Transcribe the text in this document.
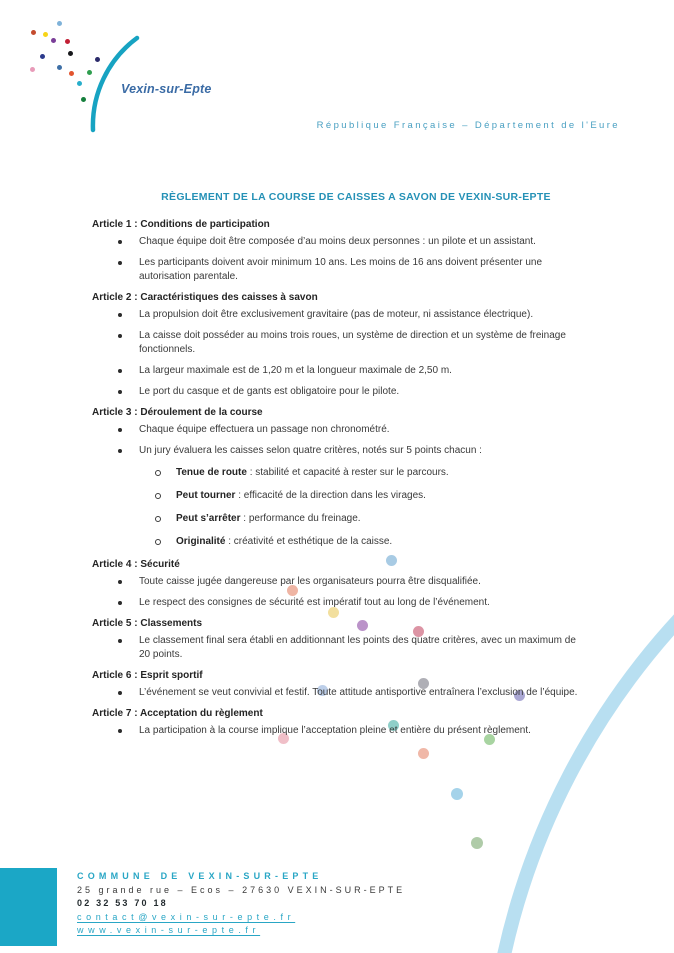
Vexin-sur-Epte
République Française – Département de l'Eure
RÈGLEMENT DE LA COURSE DE CAISSES A SAVON DE VEXIN-SUR-EPTE
Article 1 : Conditions de participation
Chaque équipe doit être composée d’au moins deux personnes : un pilote et un assistant.
Les participants doivent avoir minimum 10 ans. Les moins de 16 ans doivent présenter une autorisation parentale.
Article 2 : Caractéristiques des caisses à savon
La propulsion doit être exclusivement gravitaire (pas de moteur, ni assistance électrique).
La caisse doit posséder au moins trois roues, un système de direction et un système de freinage fonctionnels.
La largeur maximale est de 1,20 m et la longueur maximale de 2,50 m.
Le port du casque et de gants est obligatoire pour le pilote.
Article 3 : Déroulement de la course
Chaque équipe effectuera un passage non chronométré.
Un jury évaluera les caisses selon quatre critères, notés sur 5 points chacun :
Tenue de route : stabilité et capacité à rester sur le parcours.
Peut tourner : efficacité de la direction dans les virages.
Peut s’arrêter : performance du freinage.
Originalité : créativité et esthétique de la caisse.
Article 4 : Sécurité
Toute caisse jugée dangereuse par les organisateurs pourra être disqualifiée.
Le respect des consignes de sécurité est impératif tout au long de l’événement.
Article 5 : Classements
Le classement final sera établi en additionnant les points des quatre critères, avec un maximum de 20 points.
Article 6 : Esprit sportif
L’événement se veut convivial et festif. Toute attitude antisportive entraînera l’exclusion de l’équipe.
Article 7 : Acceptation du règlement
La participation à la course implique l’acceptation pleine et entière du présent règlement.
COMMUNE DE VEXIN-SUR-EPTE
25 grande rue – Ecos – 27630 VEXIN-SUR-EPTE
02 32 53 70 18
contact@vexin-sur-epte.fr
www.vexin-sur-epte.fr
